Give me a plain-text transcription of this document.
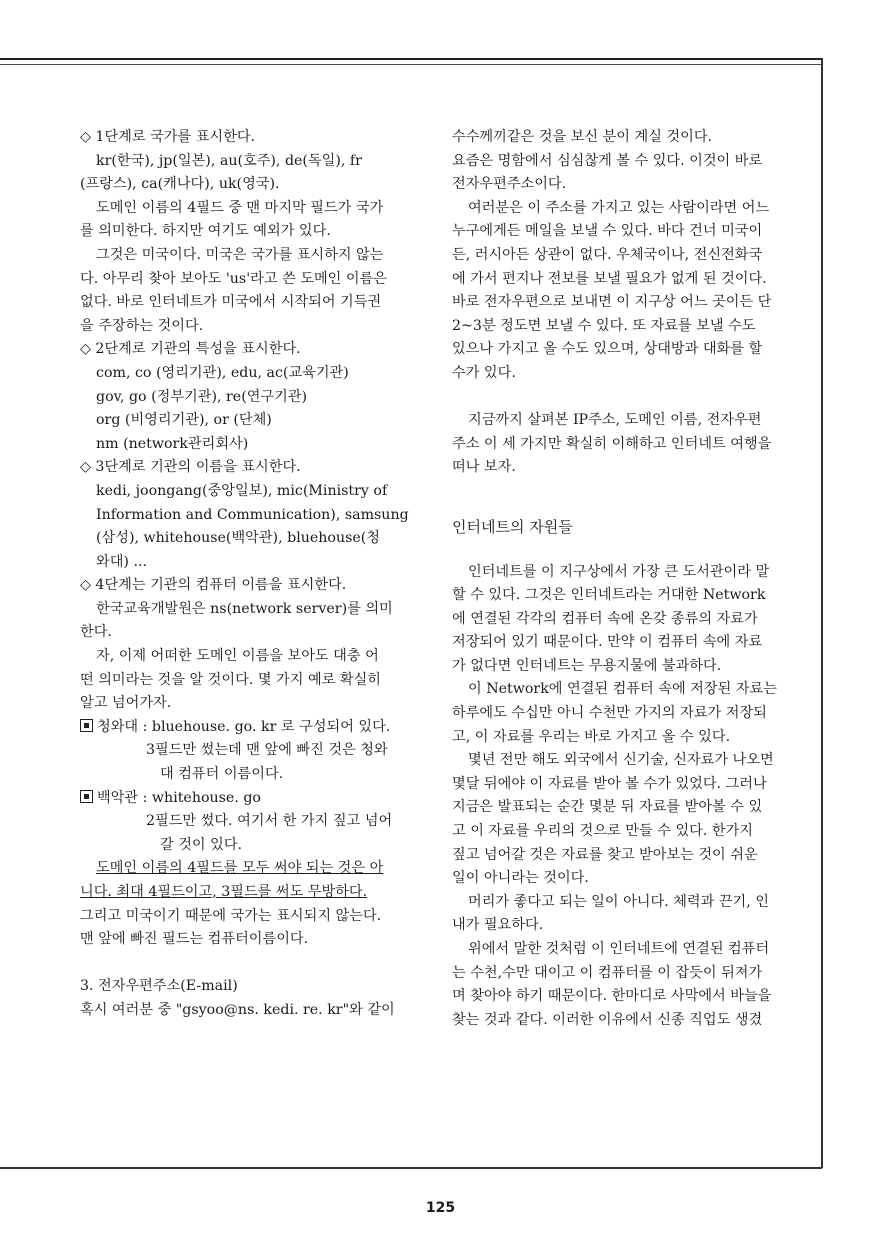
◇ 1단계로 국가를 표시한다.

kr(한국), jp(일본), au(호주), de(독일), fr

(프랑스), ca(캐나다), uk(영국).

도메인 이름의 4필드 중 맨 마지막 필드가 국가

를 의미한다. 하지만 여기도 예외가 있다.

그것은 미국이다. 미국은 국가를 표시하지 않는

다. 아무리 찾아 보아도 'us'라고 쓴 도메인 이름은

없다. 바로 인터네트가 미국에서 시작되어 기득권

을 주장하는 것이다.

◇ 2단계로 기관의 특성을 표시한다.

com, co (영리기관), edu, ac(교육기관)

gov, go (정부기관), re(연구기관)

org (비영리기관), or (단체)

nm (network관리회사)

◇ 3단계로 기관의 이름을 표시한다.

kedi, joongang(중앙일보), mic(Ministry of

Information and Communication), samsung

(삼성), whitehouse(백악관), bluehouse(청

와대) ...

◇ 4단계는 기관의 컴퓨터 이름을 표시한다.

한국교육개발원은 ns(network server)를 의미

한다.

자, 이제 어떠한 도메인 이름을 보아도 대충 어

떤 의미라는 것을 알 것이다. 몇 가지 예로 확실히

알고 넘어가자.

청와대 : bluehouse. go. kr 로 구성되어 있다.

3필드만 썼는데 맨 앞에 빠진 것은 청와

대 컴퓨터 이름이다.

백악관 : whitehouse. go

2필드만 썼다. 여기서 한 가지 짚고 넘어

갈 것이 있다.

도메인 이름의 4필드를 모두 써야 되는 것은 아

니다. 최대 4필드이고, 3필드를 써도 무방하다.

그리고 미국이기 때문에 국가는 표시되지 않는다.

맨 앞에 빠진 필드는 컴퓨터이름이다.

3. 전자우편주소(E-mail)

혹시 여러분 중 "gsyoo@ns. kedi. re. kr"와 같이

수수께끼같은 것을 보신 분이 계실 것이다.

요즘은 명함에서 심심찮게 볼 수 있다. 이것이 바로

전자우편주소이다.

여러분은 이 주소를 가지고 있는 사람이라면 어느

누구에게든 메일을 보낼 수 있다. 바다 건너 미국이

든, 러시아든 상관이 없다. 우체국이나, 전신전화국

에 가서 편지나 전보를 보낼 필요가 없게 된 것이다.

바로 전자우편으로 보내면 이 지구상 어느 곳이든 단

2~3분 정도면 보낼 수 있다. 또 자료를 보낼 수도

있으나 가지고 올 수도 있으며, 상대방과 대화를 할

수가 있다.

지금까지 살펴본 IP주소, 도메인 이름, 전자우편

주소 이 세 가지만 확실히 이해하고 인터네트 여행을

떠나 보자.

인터네트의 자원들

인터네트를 이 지구상에서 가장 큰 도서관이라 말

할 수 있다. 그것은 인터네트라는 거대한 Network

에 연결된 각각의 컴퓨터 속에 온갖 종류의 자료가

저장되어 있기 때문이다. 만약 이 컴퓨터 속에 자료

가 없다면 인터네트는 무용지물에 불과하다.

이 Network에 연결된 컴퓨터 속에 저장된 자료는

하루에도 수십만 아니 수천만 가지의 자료가 저장되

고, 이 자료를 우리는 바로 가지고 올 수 있다.

몇년 전만 해도 외국에서 신기술, 신자료가 나오면

몇달 뒤에야 이 자료를 받아 볼 수가 있었다. 그러나

지금은 발표되는 순간 몇분 뒤 자료를 받아볼 수 있

고 이 자료를 우리의 것으로 만들 수 있다. 한가지

짚고 넘어갈 것은 자료를 찾고 받아보는 것이 쉬운

일이 아니라는 것이다.

머리가 좋다고 되는 일이 아니다. 체력과 끈기, 인

내가 필요하다.

위에서 말한 것처럼 이 인터네트에 연결된 컴퓨터

는 수천,수만 대이고 이 컴퓨터를 이 잡듯이 뒤져가

며 찾아야 하기 때문이다. 한마디로 사막에서 바늘을

찾는 것과 같다. 이러한 이유에서 신종 직업도 생겼

125
